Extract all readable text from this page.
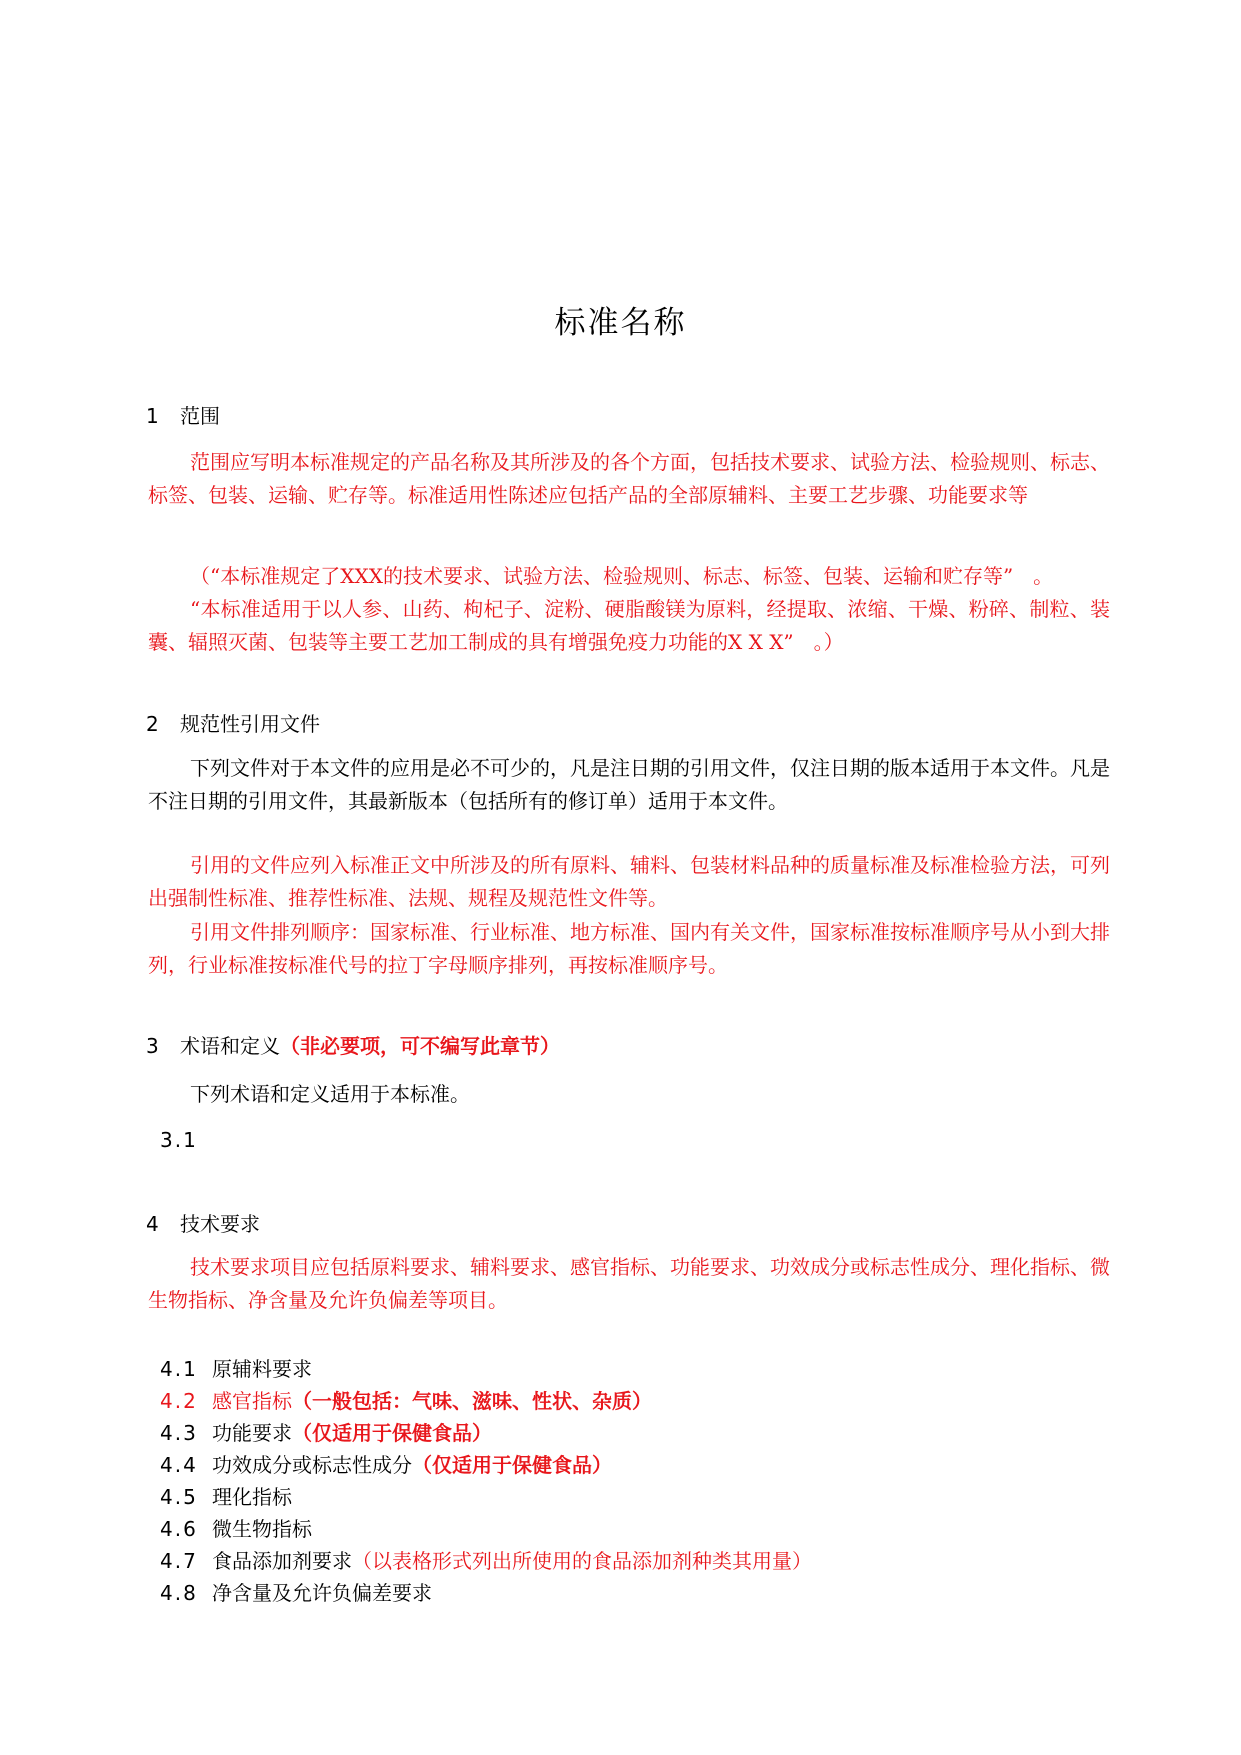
标准名称
1 范围

范围应写明本标准规定的产品名称及其所涉及的各个方面，包括技术要求、试验方法、检验规则、标志、标签、包装、运输、贮存等。标准适用性陈述应包括产品的全部原辅料、主要工艺步骤、功能要求等

（“本标准规定了XXX的技术要求、试验方法、检验规则、标志、标签、包装、运输和贮存等”　。

“本标准适用于以人参、山药、枸杞子、淀粉、硬脂酸镁为原料，经提取、浓缩、干燥、粉碎、制粒、装囊、辐照灭菌、包装等主要工艺加工制成的具有增强免疫力功能的X X X”　。）

2 规范性引用文件

下列文件对于本文件的应用是必不可少的，凡是注日期的引用文件，仅注日期的版本适用于本文件。凡是不注日期的引用文件，其最新版本（包括所有的修订单）适用于本文件。

引用的文件应列入标准正文中所涉及的所有原料、辅料、包装材料品种的质量标准及标准检验方法，可列出强制性标准、推荐性标准、法规、规程及规范性文件等。

引用文件排列顺序：国家标准、行业标准、地方标准、国内有关文件，国家标准按标准顺序号从小到大排列，行业标准按标准代号的拉丁字母顺序排列，再按标准顺序号。

3 术语和定义（非必要项，可不编写此章节）
下列术语和定义适用于本标准。
3.1
4 技术要求

技术要求项目应包括原料要求、辅料要求、感官指标、功能要求、功效成分或标志性成分、理化指标、微生物指标、净含量及允许负偏差等项目。

4.1 原辅料要求
4.2 感官指标（一般包括：气味、滋味、性状、杂质）
4.3 功能要求（仅适用于保健食品）
4.4 功效成分或标志性成分（仅适用于保健食品）
4.5 理化指标
4.6 微生物指标
4.7 食品添加剂要求（以表格形式列出所使用的食品添加剂种类其用量）
4.8 净含量及允许负偏差要求
